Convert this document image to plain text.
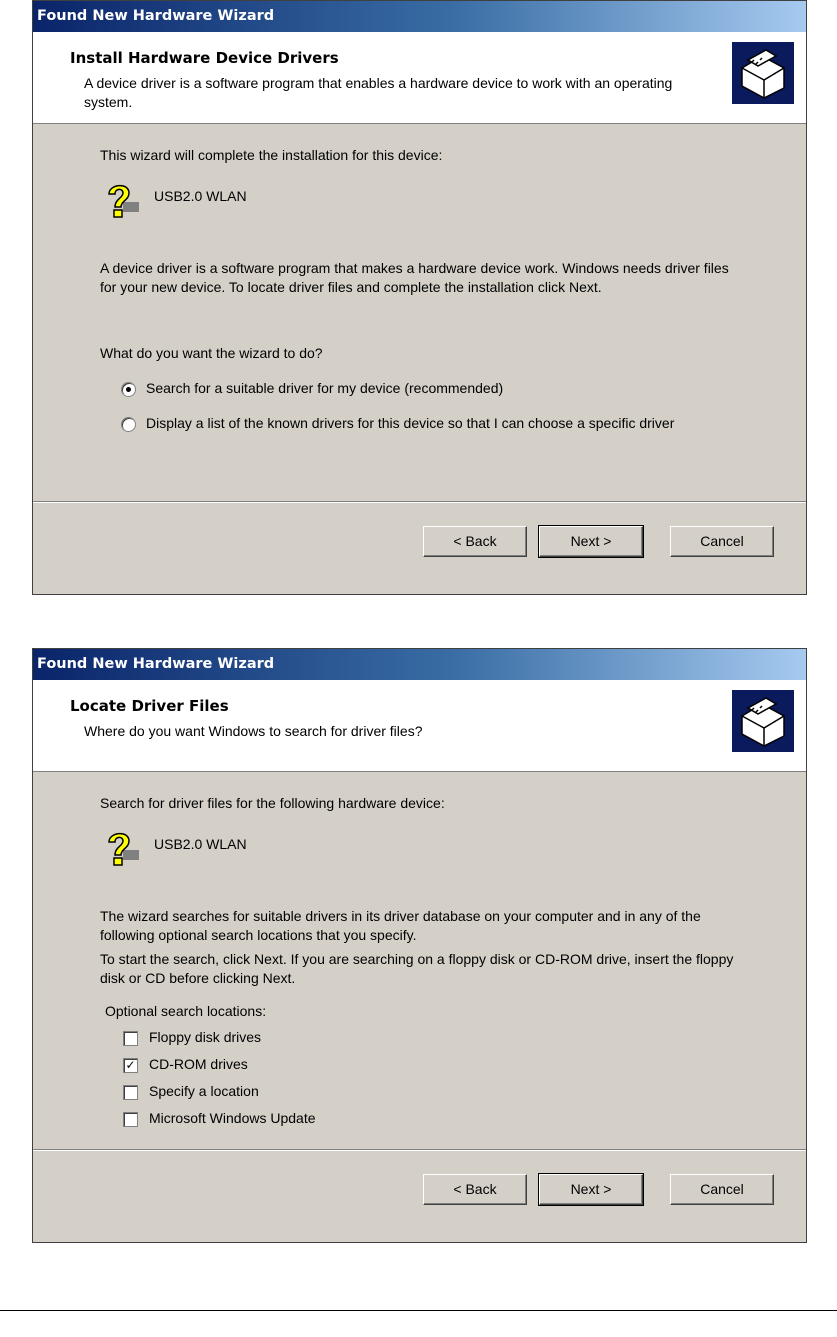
Found New Hardware Wizard
Install Hardware Device Drivers
A device driver is a software program that enables a hardware device to work with an operating system.
This wizard will complete the installation for this device:
USB2.0 WLAN
A device driver is a software program that makes a hardware device work. Windows needs driver files for your new device. To locate driver files and complete the installation click Next.
What do you want the wizard to do?
Search for a suitable driver for my device (recommended)
Display a list of the known drivers for this device so that I can choose a specific driver
< Back	Next >	Cancel
Found New Hardware Wizard
Locate Driver Files
Where do you want Windows to search for driver files?
Search for driver files for the following hardware device:
USB2.0 WLAN
The wizard searches for suitable drivers in its driver database on your computer and in any of the following optional search locations that you specify.
To start the search, click Next. If you are searching on a floppy disk or CD-ROM drive, insert the floppy disk or CD before clicking Next.
Optional search locations:
Floppy disk drives
✓ CD-ROM drives
Specify a location
Microsoft Windows Update
< Back	Next >	Cancel
